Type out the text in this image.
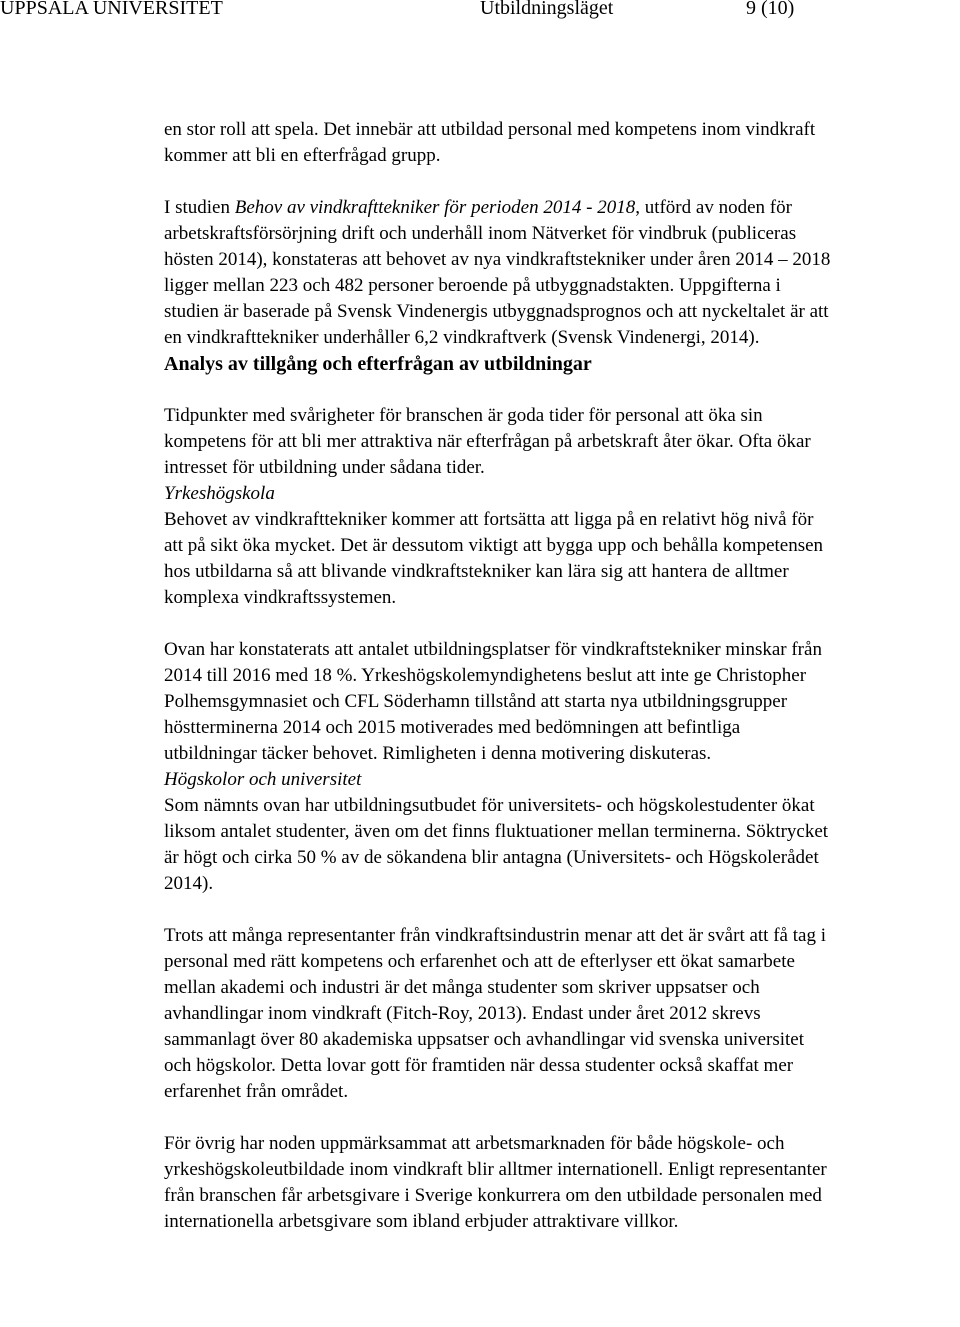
UPPSALA UNIVERSITET	Utbildningsläget	9 (10)

en stor roll att spela. Det innebär att utbildad personal med kompetens inom vindkraft
kommer att bli en efterfrågad grupp.

I studien Behov av vindkrafttekniker för perioden 2014 - 2018, utförd av noden för
arbetskraftsförsörjning drift och underhåll inom Nätverket för vindbruk (publiceras
hösten 2014), konstateras att behovet av nya vindkraftstekniker under åren 2014 – 2018
ligger mellan 223 och 482 personer beroende på utbyggnadstakten. Uppgifterna i
studien är baserade på Svensk Vindenergis utbyggnadsprognos och att nyckeltalet är att
en vindkrafttekniker underhåller 6,2 vindkraftverk (Svensk Vindenergi, 2014).

Analys av tillgång och efterfrågan av utbildningar

Tidpunkter med svårigheter för branschen är goda tider för personal att öka sin
kompetens för att bli mer attraktiva när efterfrågan på arbetskraft åter ökar. Ofta ökar
intresset för utbildning under sådana tider.

Yrkeshögskola

Behovet av vindkrafttekniker kommer att fortsätta att ligga på en relativt hög nivå för
att på sikt öka mycket. Det är dessutom viktigt att bygga upp och behålla kompetensen
hos utbildarna så att blivande vindkraftstekniker kan lära sig att hantera de alltmer
komplexa vindkraftssystemen.

Ovan har konstaterats att antalet utbildningsplatser för vindkraftstekniker minskar från
2014 till 2016 med 18 %. Yrkeshögskolemyndighetens beslut att inte ge Christopher
Polhemsgymnasiet och CFL Söderhamn tillstånd att starta nya utbildningsgrupper
höstterminerna 2014 och 2015 motiverades med bedömningen att befintliga
utbildningar täcker behovet. Rimligheten i denna motivering diskuteras.

Högskolor och universitet

Som nämnts ovan har utbildningsutbudet för universitets- och högskolestudenter ökat
liksom antalet studenter, även om det finns fluktuationer mellan terminerna. Söktrycket
är högt och cirka 50 % av de sökandena blir antagna (Universitets- och Högskolerådet
2014).

Trots att många representanter från vindkraftsindustrin menar att det är svårt att få tag i
personal med rätt kompetens och erfarenhet och att de efterlyser ett ökat samarbete
mellan akademi och industri är det många studenter som skriver uppsatser och
avhandlingar inom vindkraft (Fitch-Roy, 2013). Endast under året 2012 skrevs
sammanlagt över 80 akademiska uppsatser och avhandlingar vid svenska universitet
och högskolor. Detta lovar gott för framtiden när dessa studenter också skaffat mer
erfarenhet från området.

För övrig har noden uppmärksammat att arbetsmarknaden för både högskole- och
yrkeshögskoleutbildade inom vindkraft blir alltmer internationell. Enligt representanter
från branschen får arbetsgivare i Sverige konkurrera om den utbildade personalen med
internationella arbetsgivare som ibland erbjuder attraktivare villkor.
